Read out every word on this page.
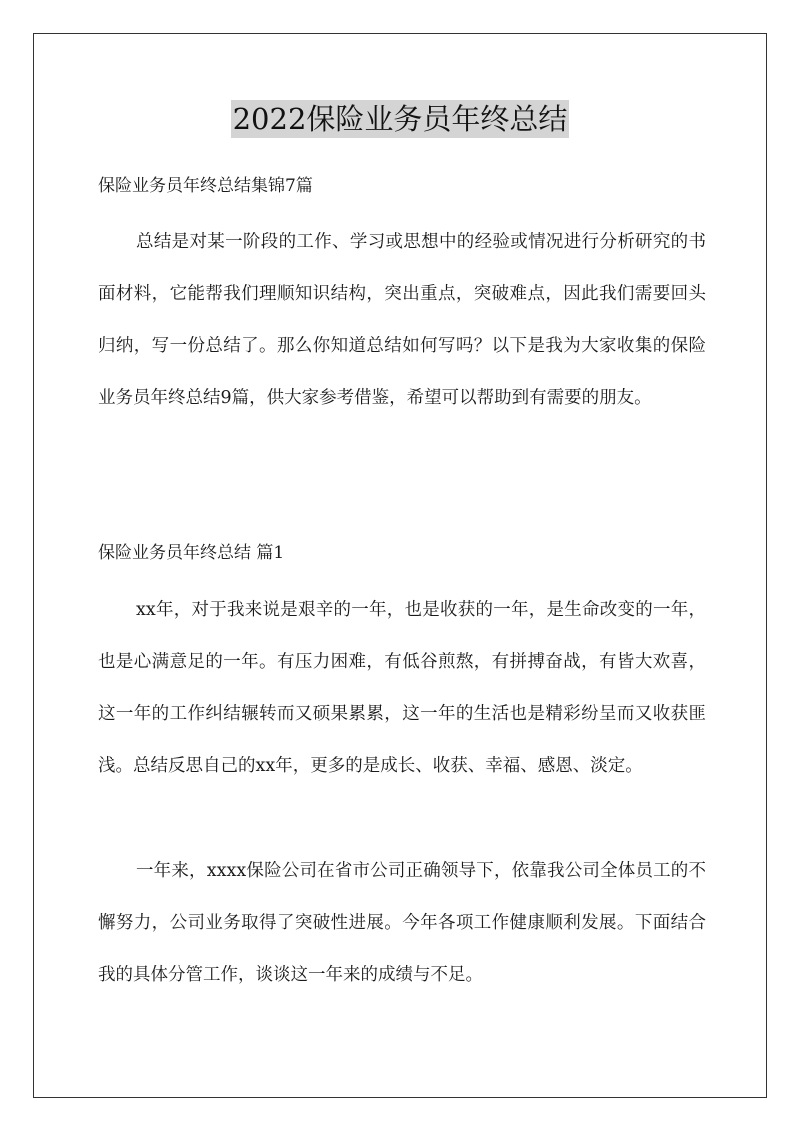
2022保险业务员年终总结
保险业务员年终总结集锦7篇

总结是对某一阶段的工作、学习或思想中的经验或情况进行分析研究的书面材料，它能帮我们理顺知识结构，突出重点，突破难点，因此我们需要回头归纳，写一份总结了。那么你知道总结如何写吗？以下是我为大家收集的保险业务员年终总结9篇，供大家参考借鉴，希望可以帮助到有需要的朋友。

保险业务员年终总结 篇1

xx年，对于我来说是艰辛的一年，也是收获的一年，是生命改变的一年，也是心满意足的一年。有压力困难，有低谷煎熬，有拼搏奋战，有皆大欢喜，这一年的工作纠结辗转而又硕果累累，这一年的生活也是精彩纷呈而又收获匪浅。总结反思自己的xx年，更多的是成长、收获、幸福、感恩、淡定。

一年来，xxxx保险公司在省市公司正确领导下，依靠我公司全体员工的不懈努力，公司业务取得了突破性进展。今年各项工作健康顺利发展。下面结合我的具体分管工作，谈谈这一年来的成绩与不足。
